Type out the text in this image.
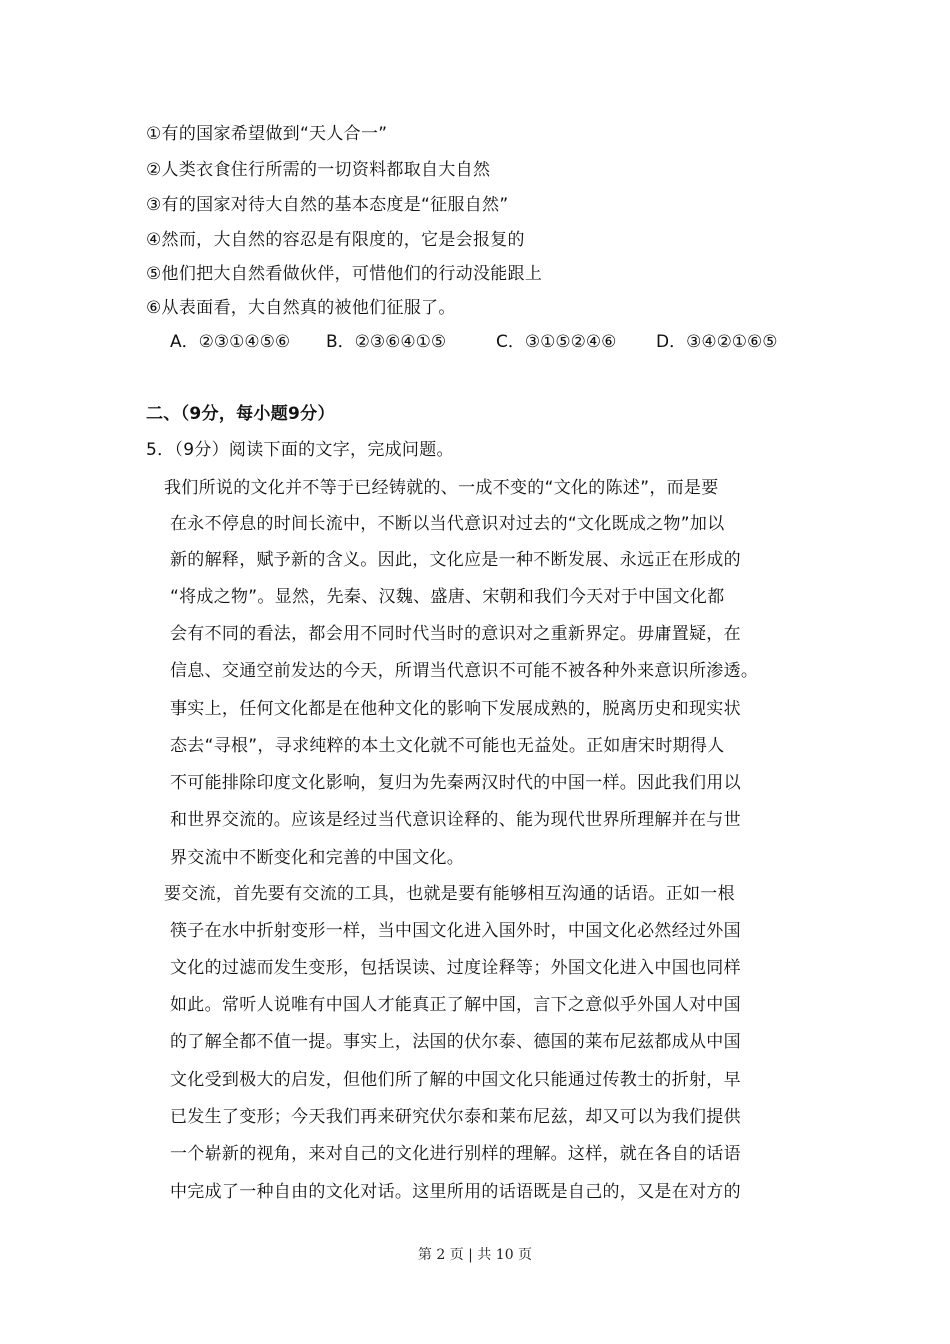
①有的国家希望做到“天人合一”
②人类衣食住行所需的一切资料都取自大自然
③有的国家对待大自然的基本态度是“征服自然”
④然而，大自然的容忍是有限度的，它是会报复的
⑤他们把大自然看做伙伴，可惜他们的行动没能跟上
⑥从表面看，大自然真的被他们征服了。
A．②③①④⑤⑥ B．②③⑥④①⑤	C．③①⑤②④⑥ D．③④②①⑥⑤
二、（9分，每小题9分）
5．（9分）阅读下面的文字，完成问题。
我们所说的文化并不等于已经铸就的、一成不变的“文化的陈述”，而是要
在永不停息的时间长流中，不断以当代意识对过去的“文化既成之物”加以
新的解释，赋予新的含义。因此，文化应是一种不断发展、永远正在形成的
“将成之物”。显然，先秦、汉魏、盛唐、宋朝和我们今天对于中国文化都
会有不同的看法，都会用不同时代当时的意识对之重新界定。毋庸置疑，在
信息、交通空前发达的今天，所谓当代意识不可能不被各种外来意识所渗透。
事实上，任何文化都是在他种文化的影响下发展成熟的，脱离历史和现实状
态去“寻根”，寻求纯粹的本土文化就不可能也无益处。正如唐宋时期得人
不可能排除印度文化影响，复归为先秦两汉时代的中国一样。因此我们用以
和世界交流的。应该是经过当代意识诠释的、能为现代世界所理解并在与世
界交流中不断变化和完善的中国文化。
要交流，首先要有交流的工具，也就是要有能够相互沟通的话语。正如一根
筷子在水中折射变形一样，当中国文化进入国外时，中国文化必然经过外国
文化的过滤而发生变形，包括误读、过度诠释等；外国文化进入中国也同样
如此。常听人说唯有中国人才能真正了解中国，言下之意似乎外国人对中国
的了解全都不值一提。事实上，法国的伏尔泰、德国的莱布尼兹都成从中国
文化受到极大的启发，但他们所了解的中国文化只能通过传教士的折射，早
已发生了变形；今天我们再来研究伏尔泰和莱布尼兹，却又可以为我们提供
一个崭新的视角，来对自己的文化进行别样的理解。这样，就在各自的话语
中完成了一种自由的文化对话。这里所用的话语既是自己的，又是在对方的
第 2 页 | 共 10 页
